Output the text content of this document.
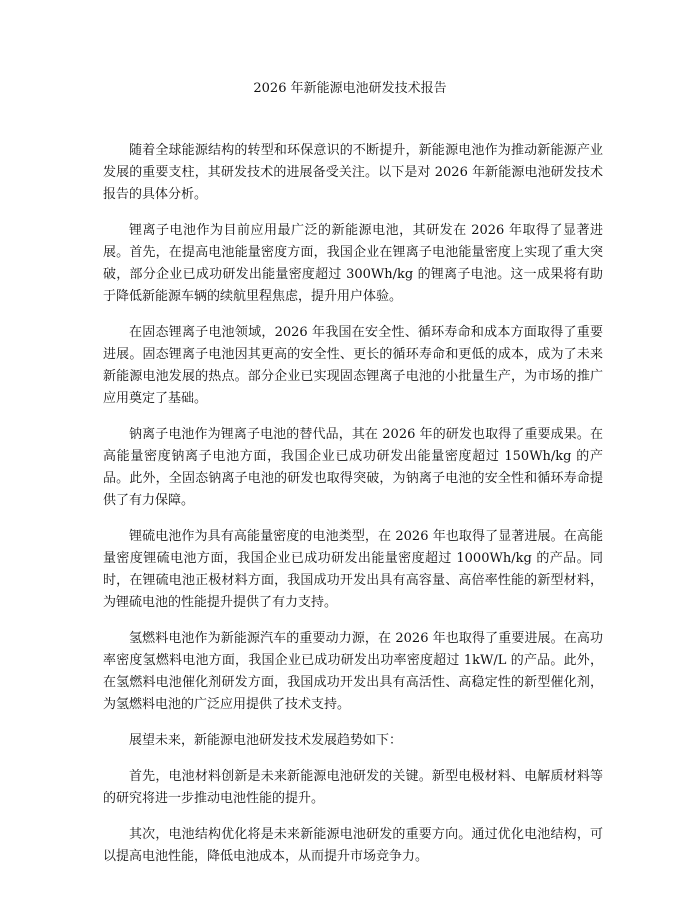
2026 年新能源电池研发技术报告

随着全球能源结构的转型和环保意识的不断提升，新能源电池作为推动新能源产业发展的重要支柱，其研发技术的进展备受关注。以下是对 2026 年新能源电池研发技术报告的具体分析。

锂离子电池作为目前应用最广泛的新能源电池，其研发在 2026 年取得了显著进展。首先，在提高电池能量密度方面，我国企业在锂离子电池能量密度上实现了重大突破，部分企业已成功研发出能量密度超过 300Wh/kg 的锂离子电池。这一成果将有助于降低新能源车辆的续航里程焦虑，提升用户体验。

在固态锂离子电池领域，2026 年我国在安全性、循环寿命和成本方面取得了重要进展。固态锂离子电池因其更高的安全性、更长的循环寿命和更低的成本，成为了未来新能源电池发展的热点。部分企业已实现固态锂离子电池的小批量生产，为市场的推广应用奠定了基础。

钠离子电池作为锂离子电池的替代品，其在 2026 年的研发也取得了重要成果。在高能量密度钠离子电池方面，我国企业已成功研发出能量密度超过 150Wh/kg 的产品。此外，全固态钠离子电池的研发也取得突破，为钠离子电池的安全性和循环寿命提供了有力保障。

锂硫电池作为具有高能量密度的电池类型，在 2026 年也取得了显著进展。在高能量密度锂硫电池方面，我国企业已成功研发出能量密度超过 1000Wh/kg 的产品。同时，在锂硫电池正极材料方面，我国成功开发出具有高容量、高倍率性能的新型材料，为锂硫电池的性能提升提供了有力支持。

氢燃料电池作为新能源汽车的重要动力源，在 2026 年也取得了重要进展。在高功率密度氢燃料电池方面，我国企业已成功研发出功率密度超过 1kW/L 的产品。此外，在氢燃料电池催化剂研发方面，我国成功开发出具有高活性、高稳定性的新型催化剂，为氢燃料电池的广泛应用提供了技术支持。

展望未来，新能源电池研发技术发展趋势如下：

首先，电池材料创新是未来新能源电池研发的关键。新型电极材料、电解质材料等的研究将进一步推动电池性能的提升。

其次，电池结构优化将是未来新能源电池研发的重要方向。通过优化电池结构，可以提高电池性能，降低电池成本，从而提升市场竞争力。
